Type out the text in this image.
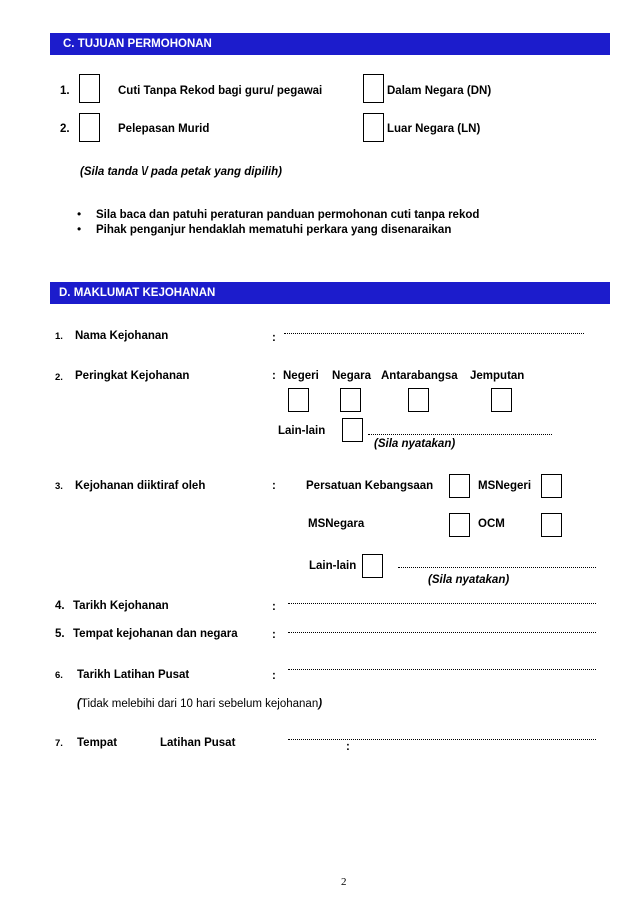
C. TUJUAN PERMOHONAN
1.	Cuti Tanpa Rekod bagi guru/ pegawai	Dalam Negara (DN)
2.	Pelepasan Murid	Luar Negara (LN)
(Sila tanda \/ pada petak yang dipilih)
• Sila baca dan patuhi peraturan panduan permohonan cuti tanpa rekod
• Pihak penganjur hendaklah mematuhi perkara yang disenaraikan
D. MAKLUMAT KEJOHANAN
1. Nama Kejohanan	:
2. Peringkat Kejohanan	: Negeri Negara Antarabangsa Jemputan
Lain-lain
(Sila nyatakan)
3. Kejohanan diiktiraf oleh	:	Persatuan Kebangsaan	MSNegeri
MSNegara	OCM
Lain-lain
(Sila nyatakan)
4. Tarikh Kejohanan	:
5. Tempat kejohanan dan negara	:
6. Tarikh Latihan Pusat	:
(Tidak melebihi dari 10 hari sebelum kejohanan)
7. Tempat	Latihan Pusat	:
2
